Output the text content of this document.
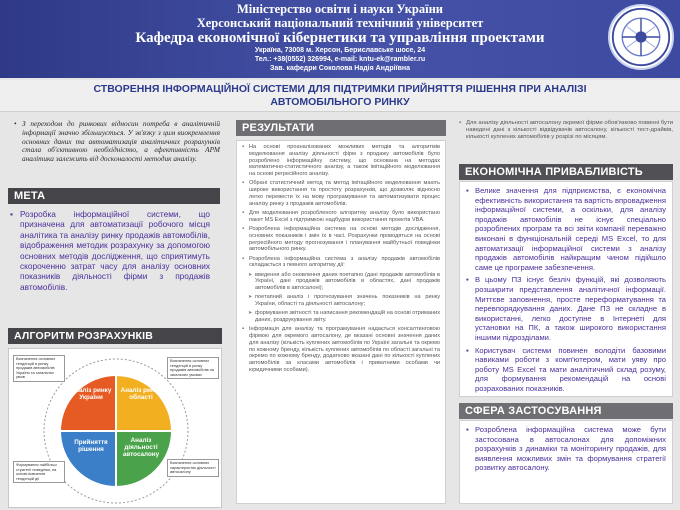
Міністерство освіти і науки України
Херсонський національний технічний університет
Кафедра економічної кібернетики та управління проектами
Україна, 73008 м. Херсон, Бериславське шосе, 24
Тел.: +38(0552) 326994, e-mail: kntu-ek@rambler.ru
Зав. кафедри Соколова Надія Андріївна
СТВОРЕННЯ ІНФОРМАЦІЙНОЇ СИСТЕМИ ДЛЯ ПІДТРИМКИ ПРИЙНЯТТЯ РІШЕННЯ ПРИ АНАЛІЗІ АВТОМОБІЛЬНОГО РИНКУ
• З переходом до ринкових відносин потреба в аналітичній інформації значно збільшується. У зв'язку з цим виокремлення основних даних та автоматизація аналітичних розрахунків стала об'єктивною необхідністю, а ефективність АРМ аналітика залежить від досконалості методик аналізу.
МЕТА
▪ Розробка інформаційної системи, що призначена для автоматизації робочого місця аналітика та аналізу ринку продажів автомобілів, відображення методик розрахунку за допомогою основних методів дослідження, що сприятимуть скороченню затрат часу для аналізу основних показників діяльності фірми з продажів автомобілів.
АЛГОРИТМ РОЗРАХУНКІВ
Аналіз ринку України
Аналіз ринку області
Аналіз діяльності автосалону
Прийняття рішення
Визначення основних тенденцій в ринку продажів автомобілів України та загальних умов
Визначення основних тенденцій в ринку продажів автомобілів на загальних умовах
Формування найбільш стратегії поведінки, на основі вивчення тенденцій дії
Визначення основних характеристик діяльності автосалону
РЕЗУЛЬТАТИ
▪ На основі проаналізованих можливих методів та алгоритмів моделювання аналізу діяльності фірм з продажу автомобілів було розроблено інформаційну систему, що основана на методах математично-статистичного аналізу, а також імітаційного моделювання на основі регресійного аналізу.
▪ Обрані статистичний метод та метод імітаційного моделювання мають широке використання та простоту розрахунків, що дозволяє відносно легко перевести їх на мову програмування та автоматизувати процес аналізу ринку з продажів автомобілів.
▪ Для моделювання розробленого алгоритму аналізу було використано пакет MS Excel з підтримкою надбудов використання проектів VBA.
▪ Розроблена інформаційна система на основі методів дослідження, основних показників і змін їх в часі. Розрахунки проводяться на основі регресійного методу прогнозування і планування майбутньої поведінки автомобільного ринку.
▪ Розроблена інформаційна система з аналізу продажів автомобілів складається з певного алгоритму дії:
➤ введення або оновлення даних поетапно (дані продажів автомобілів в Україні, дані продажів автомобілів в областях, дані продажів автомобілів в автосалоні);
➤ поетапний аналіз і прогнозування значень показників на ринку України, області та діяльності автосалону;
➤ формування звітності та написання рекомендацій на основі отриманих даних, роздрукування звіту.
▪ Інформація для аналізу та програмування надається консалтинговою фірмою для окремого автосалону, де вказані основні значення даних для аналізу (кількість куплених автомобілів по Україні загальні та окремо по кожному бренду, кількість куплених автомобілів по області загальні та окремо по кожному бренду, додатково вказані дані по кількості куплених автомобілів за класами автомобілів і приватними особами чи юридичними особами).
▪ Для аналізу діяльності автосалону окремої фірми обов'язково повинні бути наведені дані з кількості відвідувачів автосалону, кількості тест-драйвів, кількості куплених автомобілів у розрізі по місяцям.
ЕКОНОМІЧНА ПРИВАБЛИВІСТЬ
▪ Велике значення для підприємства, є економічна ефективність використання та вартість впровадження інформаційної системи, а оскільки, для аналізу продажів автомобілів не існує спеціально розроблених програм та всі звіти компанії переважно виконані в функціональній середі MS Excel, то для автоматизації інформаційної системи з аналізу продажів автомобілів найкращим чином підійшло саме це програмне забезпечення.
▪ В цьому ПЗ існує безліч функцій, які дозволяють розширити представлення аналітичної інформації. Миттєве заповнення, просте переформатування та перевпорядкування даних. Дане ПЗ не складне в використанні, легко доступне в Інтернеті для установки на ПК, а також широкого використання іншими підрозділами.
▪ Користувач системи повинен володіти базовими навиками роботи з комп'ютером, мати уяву про роботу MS Excel та мати аналітичний склад розуму, для формування рекомендацій на основі розрахованих показників.
СФЕРА ЗАСТОСУВАННЯ
▪ Розроблена інформаційна система може бути застосована в автосалонах для допоміжних розрахунків з динаміки та моніторингу продажів, для виявлення можливих змін та формування стратегії розвитку автосалону.
